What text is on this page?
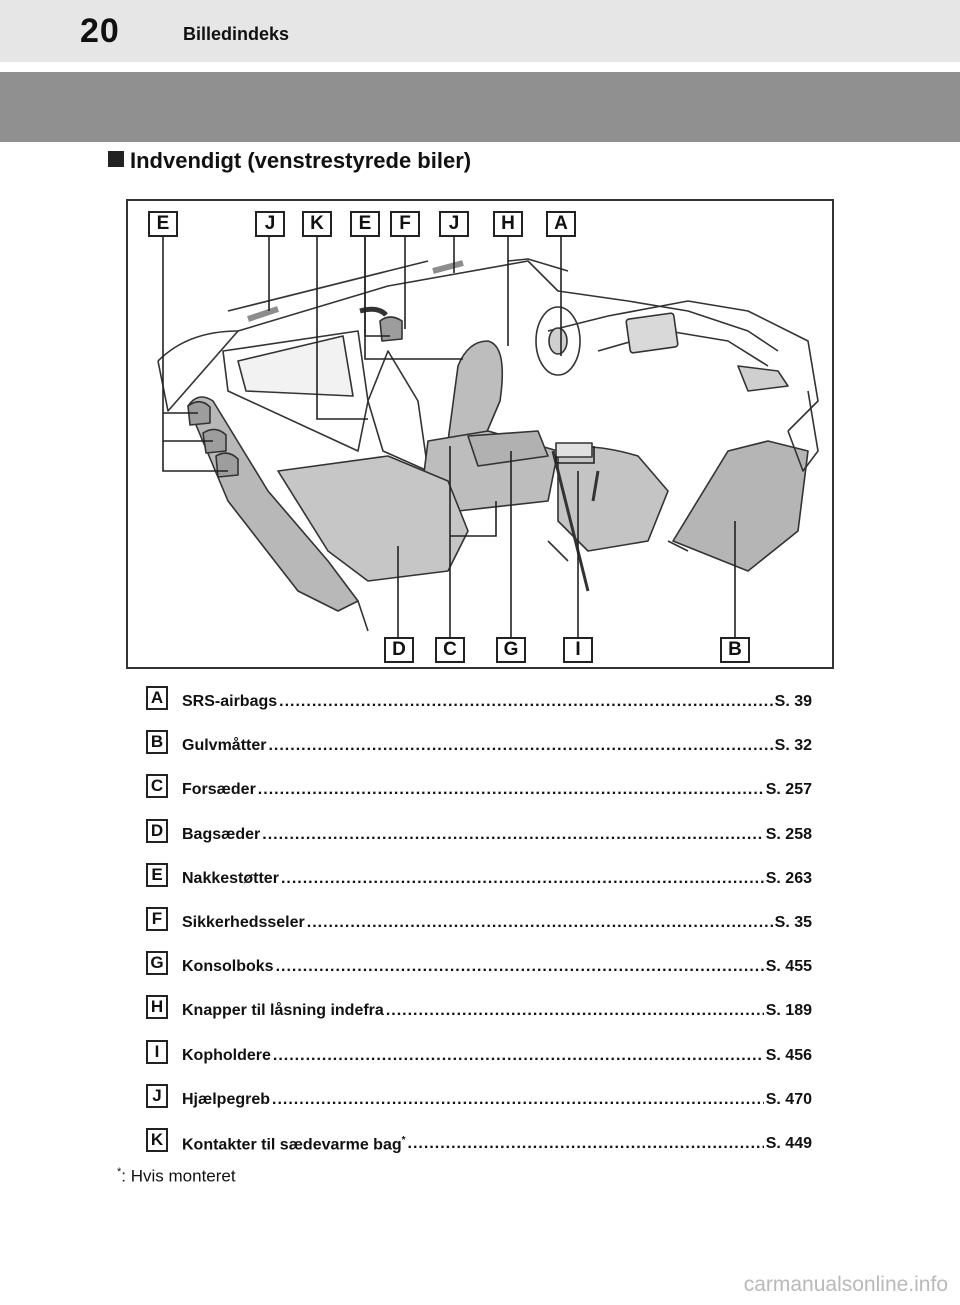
20	Billedindeks
Indvendigt (venstrestyrede biler)
E	J	K	E	F	J	H	A
D	C	G	I	B
A	SRS-airbags .....	S. 39
B	Gulvmåtter .....	S. 32
C	Forsæder .....	S. 257
D	Bagsæder .....	S. 258
E	Nakkestøtter .....	S. 263
F	Sikkerhedsseler .....	S. 35
G Konsolboks .....	S. 455
H	Knapper til låsning indefra .....	S. 189
I	Kopholdere .....	S. 456
J	Hjælpegreb .....	S. 470
K	Kontakter til sædevarme bag* .....	S. 449
*: Hvis monteret
carmanualsonline.info
